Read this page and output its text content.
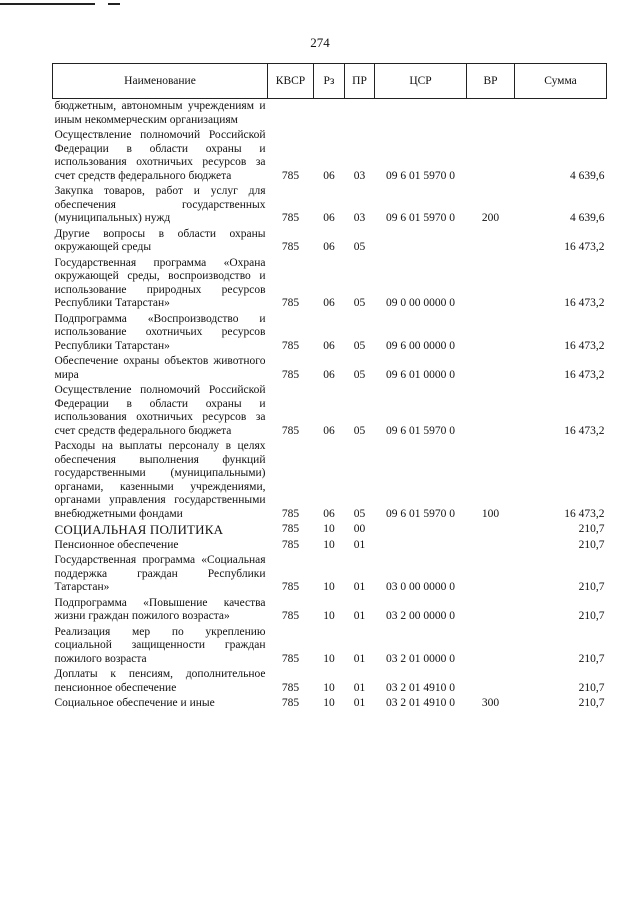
274
Наименование	КВСР	Рз	ПР	ЦСР	ВР	Сумма
бюджетным, автономным учреждениям и иным некоммерческим организациям						
Осуществление полномочий Российской Федерации в области охраны и использования охотничьих ресурсов за счет средств федерального бюджета	785	06	03	09 6 01 5970 0		4 639,6
Закупка товаров, работ и услуг для обеспечения государственных (муниципальных) нужд	785	06	03	09 6 01 5970 0	200	4 639,6
Другие вопросы в области охраны окружающей среды	785	06	05			16 473,2
Государственная программа «Охрана окружающей среды, воспроизводство и использование природных ресурсов Республики Татарстан»	785	06	05	09 0 00 0000 0		16 473,2
Подпрограмма «Воспроизводство и использование охотничьих ресурсов Республики Татарстан»	785	06	05	09 6 00 0000 0		16 473,2
Обеспечение охраны объектов животного мира	785	06	05	09 6 01 0000 0		16 473,2
Осуществление полномочий Российской Федерации в области охраны и использования охотничьих ресурсов за счет средств федерального бюджета	785	06	05	09 6 01 5970 0		16 473,2
Расходы на выплаты персоналу в целях обеспечения выполнения функций государственными (муниципальными) органами, казенными учреждениями, органами управления государственными внебюджетными фондами	785	06	05	09 6 01 5970 0	100	16 473,2
СОЦИАЛЬНАЯ ПОЛИТИКА	785	10	00			210,7
Пенсионное обеспечение	785	10	01			210,7
Государственная программа «Социальная поддержка граждан Республики Татарстан»	785	10	01	03 0 00 0000 0		210,7
Подпрограмма «Повышение качества жизни граждан пожилого возраста»	785	10	01	03 2 00 0000 0		210,7
Реализация мер по укреплению социальной защищенности граждан пожилого возраста	785	10	01	03 2 01 0000 0		210,7
Доплаты к пенсиям, дополнительное пенсионное обеспечение	785	10	01	03 2 01 4910 0		210,7
Социальное обеспечение и иные	785	10	01	03 2 01 4910 0	300	210,7
